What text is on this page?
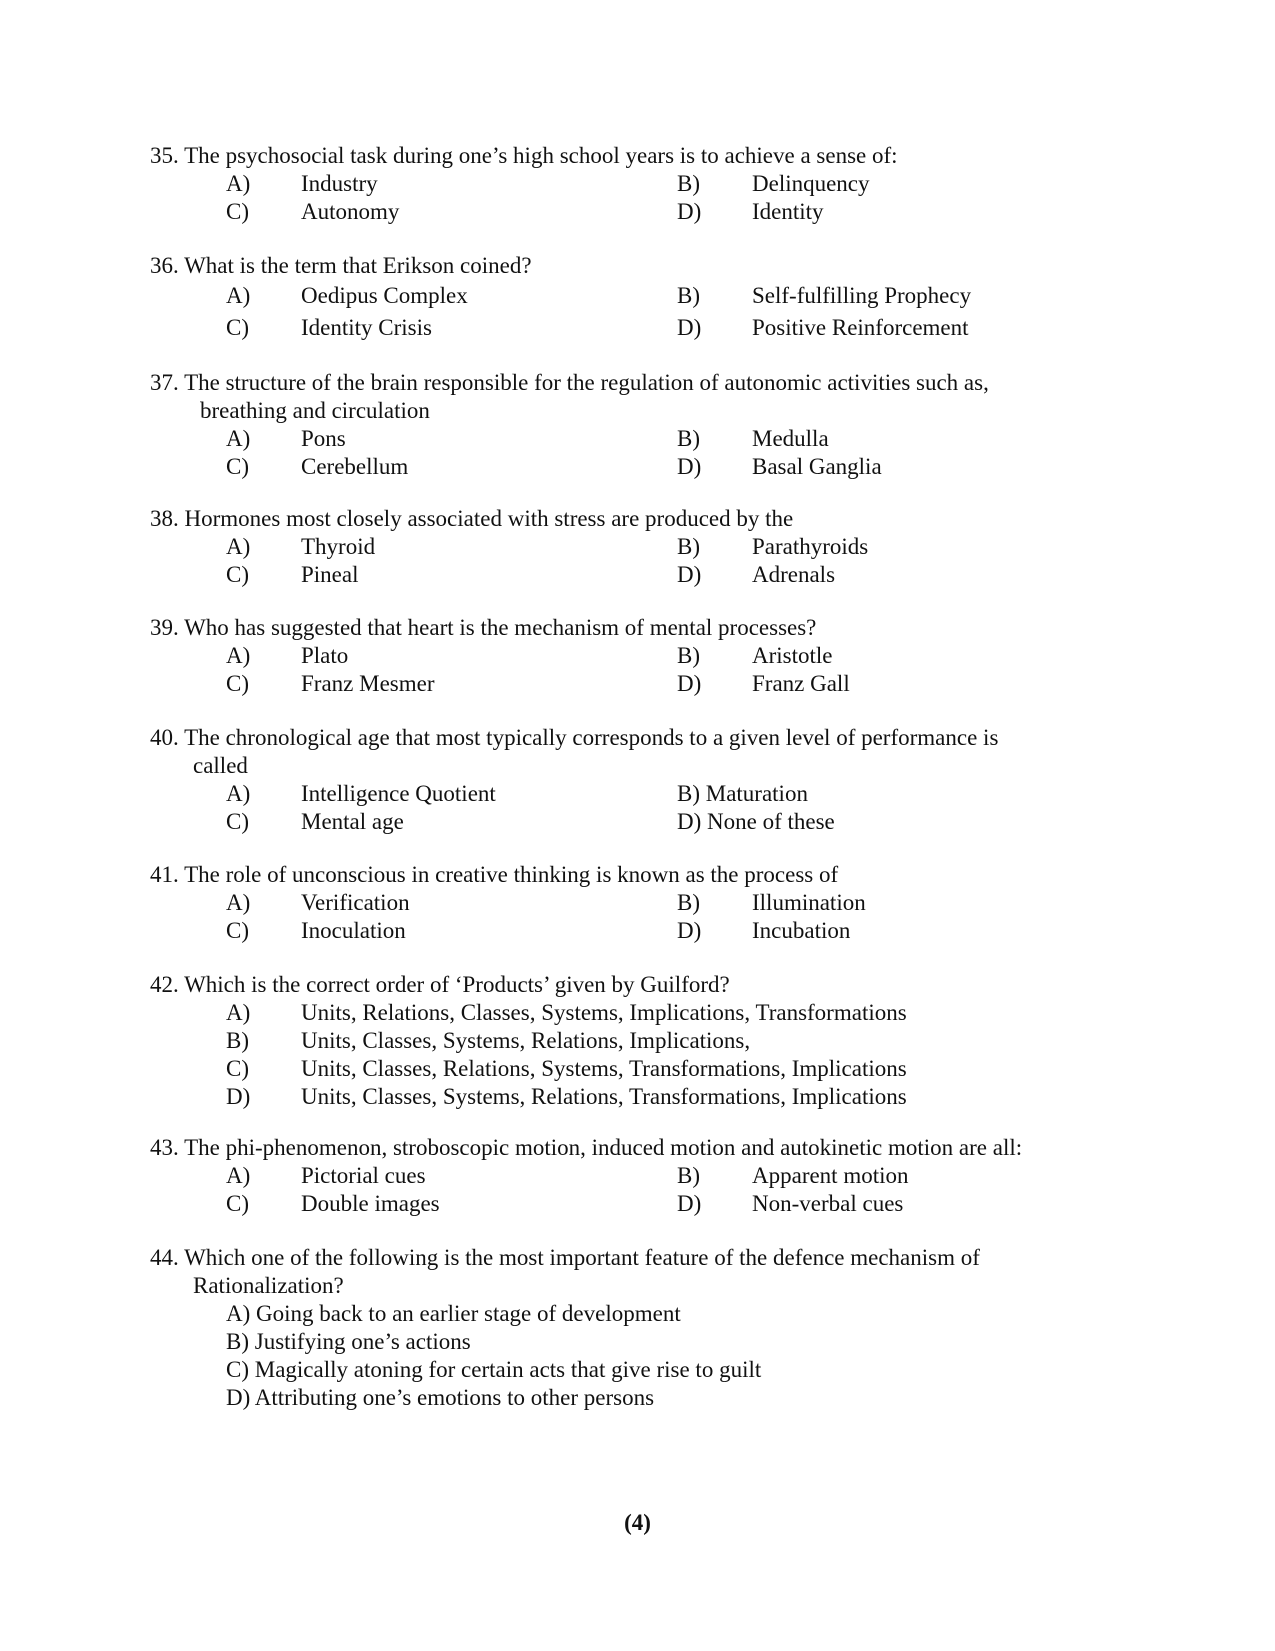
35. The psychosocial task during one’s high school years is to achieve a sense of:
A) Industry	B) Delinquency
C) Autonomy	D) Identity
36. What is the term that Erikson coined?
A) Oedipus Complex	B) Self-fulfilling Prophecy
C) Identity Crisis	D) Positive Reinforcement
37. The structure of the brain responsible for the regulation of autonomic activities such as,
breathing and circulation
A) Pons	B) Medulla
C) Cerebellum	D) Basal Ganglia
38. Hormones most closely associated with stress are produced by the
A) Thyroid	B) Parathyroids
C) Pineal	D) Adrenals
39. Who has suggested that heart is the mechanism of mental processes?
A) Plato	B) Aristotle
C) Franz Mesmer	D) Franz Gall
40. The chronological age that most typically corresponds to a given level of performance is
called
A) Intelligence Quotient	B) Maturation
C) Mental age	D) None of these
41. The role of unconscious in creative thinking is known as the process of
A) Verification	B) Illumination
C) Inoculation	D) Incubation
42. Which is the correct order of ‘Products’ given by Guilford?
A) Units, Relations, Classes, Systems, Implications, Transformations
B) Units, Classes, Systems, Relations, Implications,
C) Units, Classes, Relations, Systems, Transformations, Implications
D) Units, Classes, Systems, Relations, Transformations, Implications
43. The phi-phenomenon, stroboscopic motion, induced motion and autokinetic motion are all:
A) Pictorial cues	B) Apparent motion
C) Double images	D) Non-verbal cues
44. Which one of the following is the most important feature of the defence mechanism of
Rationalization?
A) Going back to an earlier stage of development
B) Justifying one’s actions
C) Magically atoning for certain acts that give rise to guilt
D) Attributing one’s emotions to other persons
(4)
